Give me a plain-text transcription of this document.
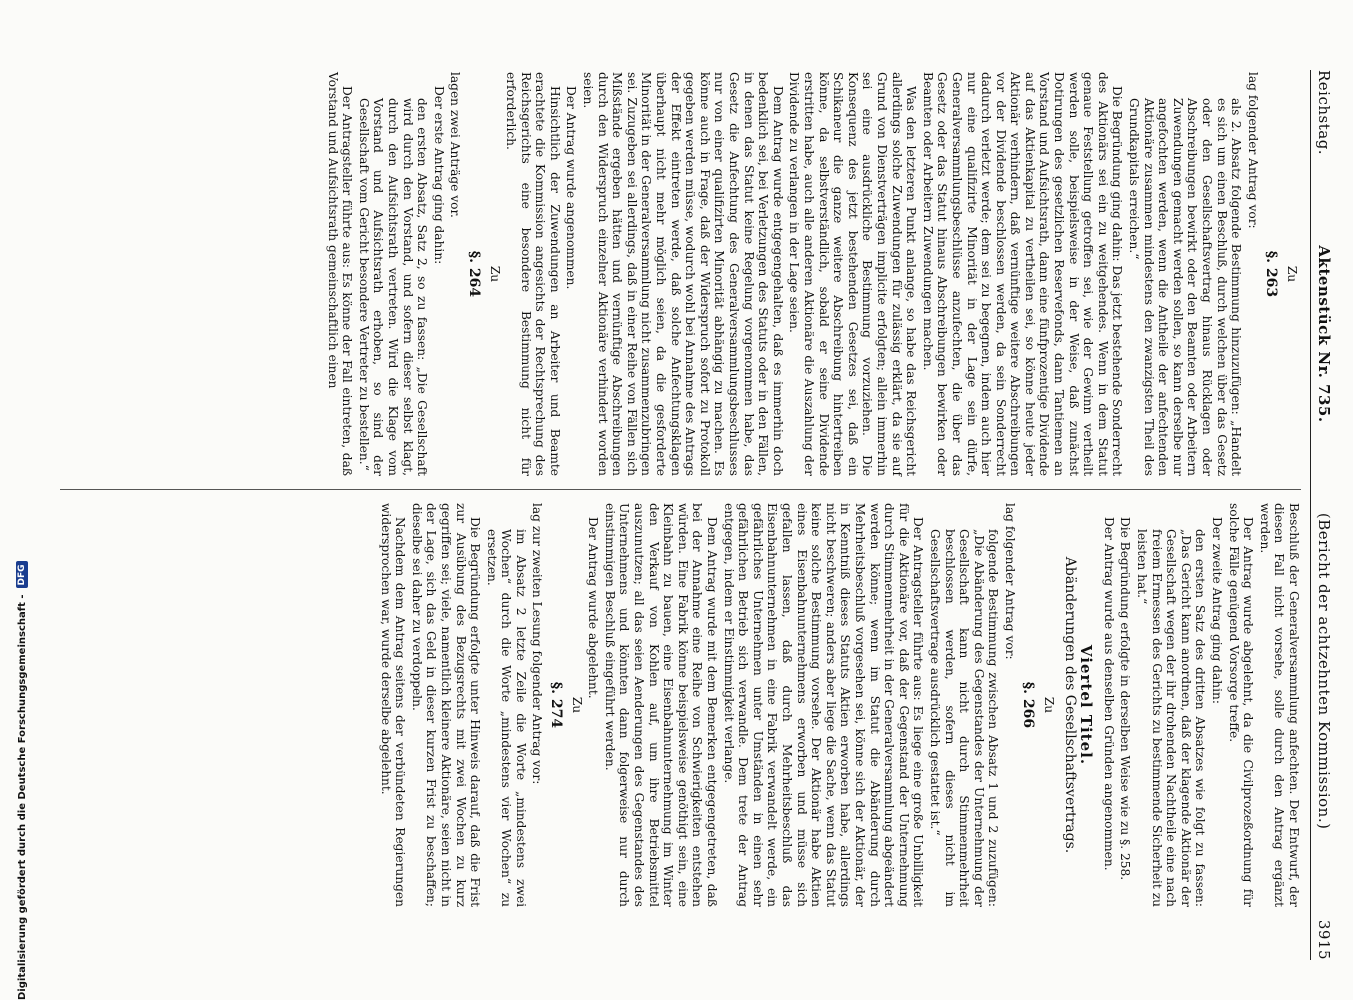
Reichstag.
Aktenstück Nr. 735.
(Bericht der achtzehnten Kommission.)
3915

Zu

§. 263

lag folgender Antrag vor:

als 2. Absatz folgende Bestimmung hinzuzufügen: „Handelt es sich um einen Beschluß, durch welchen über das Gesetz oder den Gesellschaftsvertrag hinaus Rücklagen oder Abschreibungen bewirkt oder den Beamten oder Arbeitern Zuwendungen gemacht werden sollen, so kann derselbe nur angefochten werden, wenn die Antheile der anfechtenden Aktionäre zusammen mindestens den zwanzigsten Theil des Grundkapitals erreichen.“

Die Begründung ging dahin: Das jetzt bestehende Sonderrecht des Aktionärs sei ein zu weitgehendes. Wenn in dem Statut genaue Feststellung getroffen sei, wie der Gewinn vertheilt werden solle, beispielsweise in der Weise, daß zunächst Dotirungen des gesetzlichen Reservefonds, dann Tantiemen an Vorstand und Aufsichtsrath, dann eine fünfprozentige Dividende auf das Aktienkapital zu vertheilen sei, so könne heute jeder Aktionär verhindern, daß vernünftige weitere Abschreibungen vor der Dividende beschlossen werden, da sein Sonderrecht dadurch verletzt werde; dem sei zu begegnen, indem auch hier nur eine qualifizirte Minorität in der Lage sein dürfe, Generalversammlungsbeschlüsse anzufechten, die über das Gesetz oder das Statut hinaus Abschreibungen bewirken oder Beamten oder Arbeitern Zuwendungen machen.

Was den letzteren Punkt anlange, so habe das Reichsgericht allerdings solche Zuwendungen für zulässig erklärt, da sie auf Grund von Dienstverträgen implicite erfolgten; allein immerhin sei eine ausdrückliche Bestimmung vorzuziehen. Die Konsequenz des jetzt bestehenden Gesetzes sei, daß ein Schikaneur die ganze weitere Abschreibung hintertreiben könne, da selbstverständlich, sobald er seine Dividende erstritten habe, auch alle anderen Aktionäre die Auszahlung der Dividende zu verlangen in der Lage seien.

Dem Antrag wurde entgegengehalten, daß es immerhin doch bedenklich sei, bei Verletzungen des Statuts oder in den Fällen, in denen das Statut keine Regelung vorgenommen habe, das Gesetz die Anfechtung des Generalversammlungsbeschlusses nur von einer qualifizirten Minorität abhängig zu machen. Es könne auch in Frage, daß der Widerspruch sofort zu Protokoll gegeben werden müsse, wodurch wohl bei Annahme des Antrags der Effekt eintreten werde, daß solche Anfechtungsklagen überhaupt nicht mehr möglich seien, da die gesforderte Minorität in der Generalversammlung nicht zusammenzubringen sei. Zuzugeben sei allerdings, daß in einer Reihe von Fällen sich Mißstände ergeben hätten und vernünftige Abschreibungen durch den Widerspruch einzelner Aktionäre verhindert worden seien.

Der Antrag wurde angenommen.

Hinsichtlich der Zuwendungen an Arbeiter und Beamte erachtete die Kommission angesichts der Rechtsprechung des Reichsgerichts eine besondere Bestimmung nicht für erforderlich.

Zu

§. 264

lagen zwei Anträge vor.

Der erste Antrag ging dahin:

den ersten Absatz, Satz 2, so zu fassen: „Die Gesellschaft wird durch den Vorstand, und sofern dieser selbst klagt, durch den Aufsichtsrath vertreten. Wird die Klage vom Vorstand und Aufsichtsrath erhoben, so sind der Gesellschaft vom Gericht besondere Vertreter zu bestellen.“

Der Antragsteller führte aus: Es könne der Fall eintreten, daß Vorstand und Aufsichtsrath gemeinschaftlich einen

Beschluß der Generalversammlung anfechten. Der Entwurf, der diesen Fall nicht vorsehe, solle durch den Antrag ergänzt werden.

Der Antrag wurde abgelehnt, da die Civilprozeßordnung für solche Fälle genügend Vorsorge treffe.

Der zweite Antrag ging dahin:

den ersten Satz des dritten Absatzes wie folgt zu fassen: „Das Gericht kann anordnen, daß der klagende Aktionär der Gesellschaft wegen der ihr drohenden Nachtheile eine nach freiem Ermessen des Gerichts zu bestimmende Sicherheit zu leisten hat.“

Die Begründung erfolgte in derselben Weise wie zu §. 258.

Der Antrag wurde aus denselben Gründen angenommen.

Viertel Titel.

Abänderungen des Gesellschaftsvertrags.

Zu

§. 266

lag folgender Antrag vor:

folgende Bestimmung zwischen Absatz 1 und 2 zuzufügen: „Die Abänderung des Gegenstandes der Unternehmung der Gesellschaft kann nicht durch Stimmenmehrheit beschlossen werden, sofern dieses nicht im Gesellschaftsvertrage ausdrücklich gestattet ist.“

Der Antragsteller führte aus: Es liege eine große Unbilligkeit für die Aktionäre vor, daß der Gegenstand der Unternehmung durch Stimmenmehrheit in der Generalversammlung abgeändert werden könne; wenn im Statut die Abänderung durch Mehrheitsbeschluß vorgesehen sei, könne sich der Aktionär, der in Kenntniß dieses Statuts Aktien erworben habe, allerdings nicht beschweren; anders aber liege die Sache, wenn das Statut keine solche Bestimmung vorsehe. Der Aktionär habe Aktien eines Eisenbahnunternehmens erworben und müsse sich gefallen lassen, daß durch Mehrheitsbeschluß das Eisenbahnunternehmen in eine Fabrik verwandelt werde, ein gefährliches Unternehmen unter Umständen in einen sehr gefährlichen Betrieb sich verwandle. Dem trete der Antrag entgegen, indem er Einstimmigkeit verlange.

Dem Antrag wurde mit dem Bemerken entgegengetreten, daß bei der Annahme eine Reihe von Schwierigkeiten entstehen würden. Eine Fabrik könne beispielsweise genöthigt sein, eine Kleinbahn zu bauen, eine Eisenbahnunternehmung im Winter den Verkauf von Kohlen auf, um ihre Betriebsmittel auszunutzen; all das seien Aenderungen des Gegenstandes des Unternehmens und könnten dann folgerweise nur durch einstimmigen Beschluß eingeführt werden.

Der Antrag wurde abgelehnt.

Zu

§. 274

lag zur zweiten Lesung folgender Antrag vor:

im Absatz 2 letzte Zeile die Worte „mindestens zwei Wochen“ durch die Worte „mindestens vier Wochen“ zu ersetzen.

Die Begründung erfolgte unter Hinweis darauf, daß die Frist zur Ausübung des Bezugsrechts mit zwei Wochen zu kurz gegriffen sei; viele, namentlich kleinere Aktionäre, seien nicht in der Lage, sich das Geld in dieser kurzen Frist zu beschaffen; dieselbe sei daher zu verdoppeln.

Nachdem dem Antrag seitens der verbündeten Regierungen widersprochen war, wurde derselbe abgelehnt.

Digitalisierung gefördert durch die Deutsche Forschungsgemeinschaft -
DFG
